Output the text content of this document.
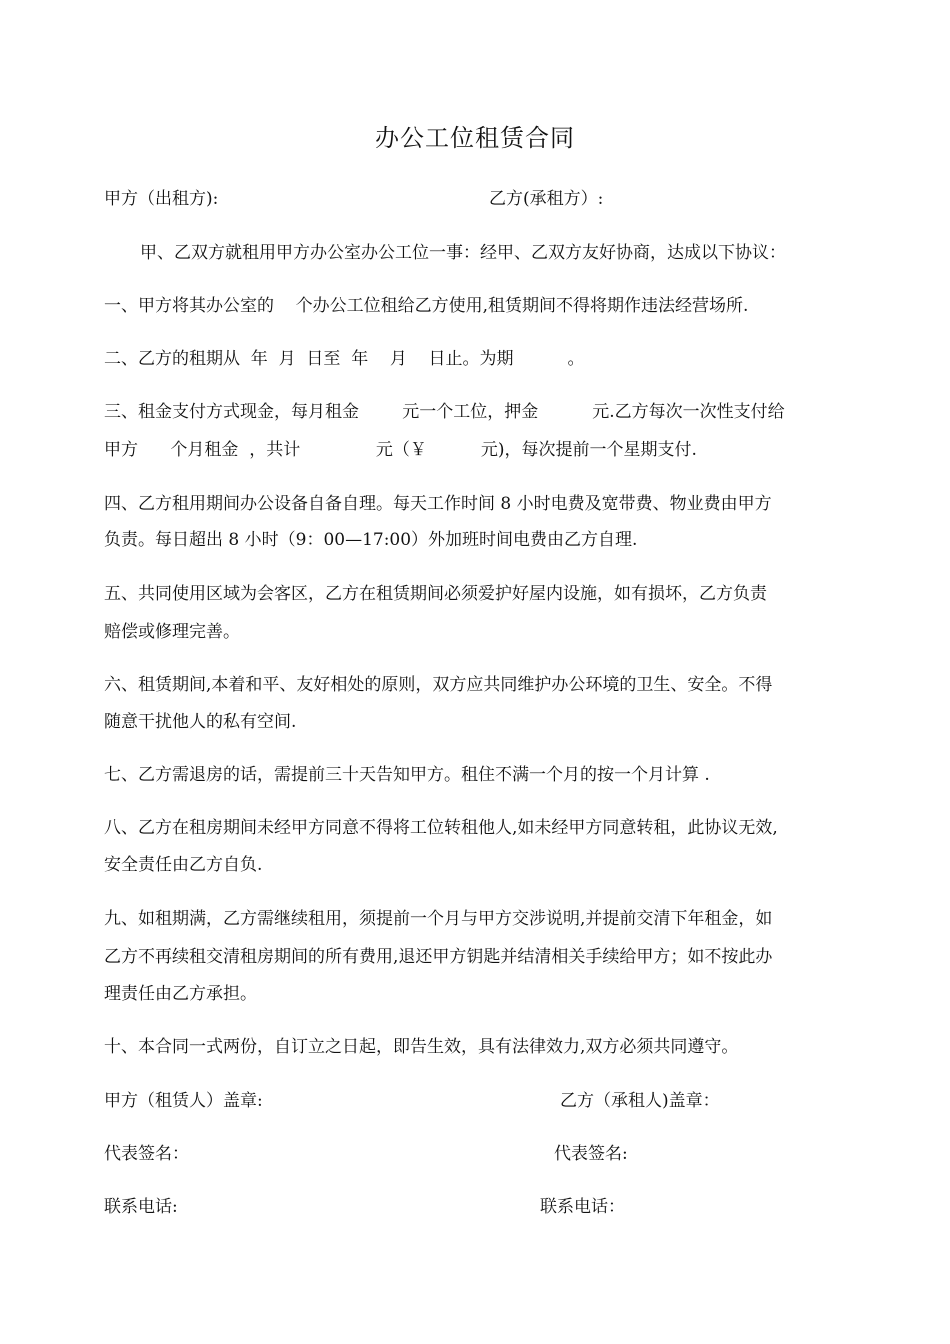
办公工位租赁合同
甲方（出租方):	乙方(承租方）:
甲、乙双方就租用甲方办公室办公工位一事：经甲、乙双方友好协商，达成以下协议：
一、甲方将其办公室的    个办公工位租给乙方使用,租赁期间不得将期作违法经营场所.
二、乙方的租期从  年  月  日至  年    月    日止。为期          。
三、租金支付方式现金，每月租金        元一个工位，押金          元.乙方每次一次性支付给
甲方      个月租金  ，共计              元（￥          元)，每次提前一个星期支付.
四、乙方租用期间办公设备自备自理。每天工作时间 8 小时电费及宽带费、物业费由甲方
负责。每日超出 8 小时（9：00—17:00）外加班时间电费由乙方自理.
五、共同使用区域为会客区，乙方在租赁期间必须爱护好屋内设施，如有损坏，乙方负责
赔偿或修理完善。
六、租赁期间,本着和平、友好相处的原则，双方应共同维护办公环境的卫生、安全。不得
随意干扰他人的私有空间.
七、乙方需退房的话，需提前三十天告知甲方。租住不满一个月的按一个月计算 .
八、乙方在租房期间未经甲方同意不得将工位转租他人,如未经甲方同意转租，此协议无效,
安全责任由乙方自负.
九、如租期满，乙方需继续租用，须提前一个月与甲方交涉说明,并提前交清下年租金，如
乙方不再续租交清租房期间的所有费用,退还甲方钥匙并结清相关手续给甲方；如不按此办
理责任由乙方承担。
十、本合同一式两份，自订立之日起，即告生效，具有法律效力,双方必须共同遵守。
甲方（租赁人）盖章:	乙方（承租人)盖章：
代表签名：	代表签名:
联系电话:	联系电话：
